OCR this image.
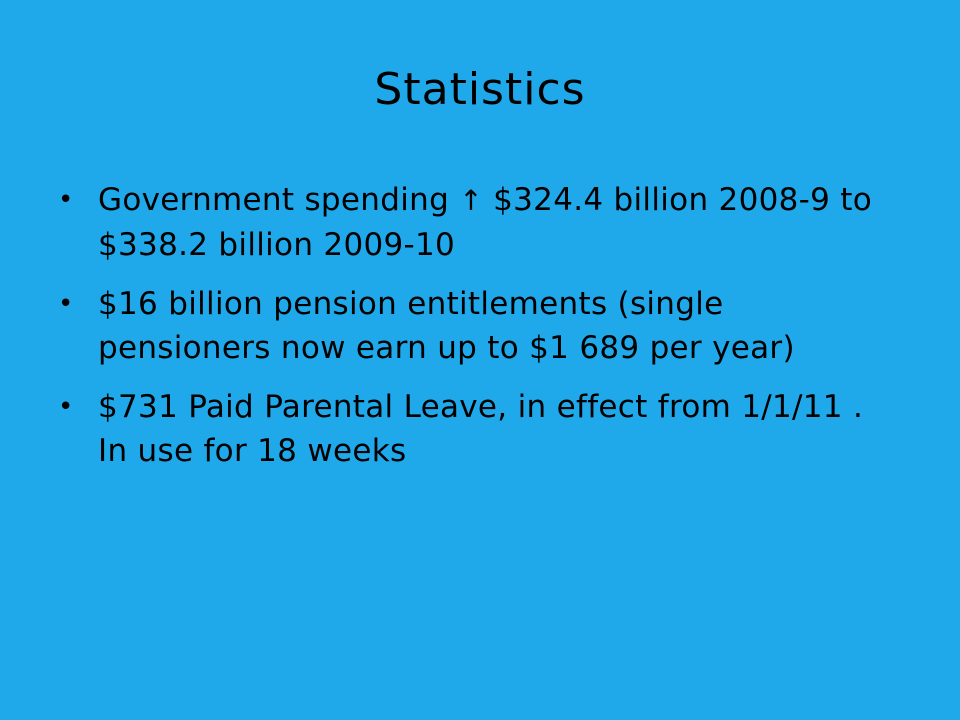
Statistics
• Government spending ↑ $324.4 billion 2008-9 to $338.2 billion 2009-10
• $16 billion pension entitlements (single pensioners now earn up to $1 689 per year)
• $731 Paid Parental Leave, in effect from 1/1/11 . In use for 18 weeks
